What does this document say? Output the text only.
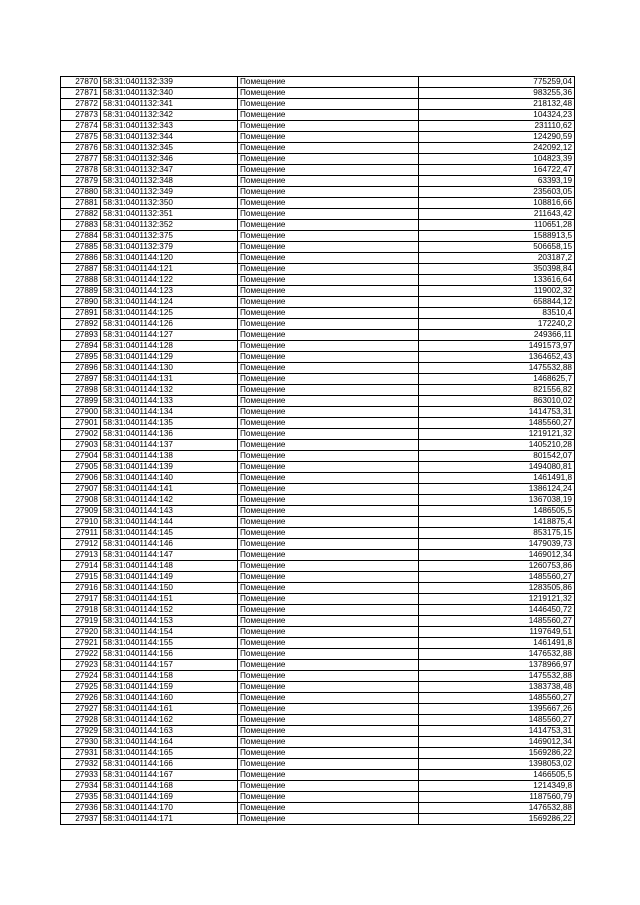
27870	58:31:0401132:339	Помещение	775259,04
27871	58:31:0401132:340	Помещение	983255,36
27872	58:31:0401132:341	Помещение	218132,48
27873	58:31:0401132:342	Помещение	104324,23
27874	58:31:0401132:343	Помещение	231110,62
27875	58:31:0401132:344	Помещение	124290,59
27876	58:31:0401132:345	Помещение	242092,12
27877	58:31:0401132:346	Помещение	104823,39
27878	58:31:0401132:347	Помещение	164722,47
27879	58:31:0401132:348	Помещение	63393,19
27880	58:31:0401132:349	Помещение	235603,05
27881	58:31:0401132:350	Помещение	108816,66
27882	58:31:0401132:351	Помещение	211643,42
27883	58:31:0401132:352	Помещение	110651,28
27884	58:31:0401132:375	Помещение	1588913,5
27885	58:31:0401132:379	Помещение	506658,15
27886	58:31:0401144:120	Помещение	203187,2
27887	58:31:0401144:121	Помещение	350398,84
27888	58:31:0401144:122	Помещение	133616,64
27889	58:31:0401144:123	Помещение	119002,32
27890	58:31:0401144:124	Помещение	658844,12
27891	58:31:0401144:125	Помещение	83510,4
27892	58:31:0401144:126	Помещение	172240,2
27893	58:31:0401144:127	Помещение	249366,11
27894	58:31:0401144:128	Помещение	1491573,97
27895	58:31:0401144:129	Помещение	1364652,43
27896	58:31:0401144:130	Помещение	1475532,88
27897	58:31:0401144:131	Помещение	1468625,7
27898	58:31:0401144:132	Помещение	821556,82
27899	58:31:0401144:133	Помещение	863010,02
27900	58:31:0401144:134	Помещение	1414753,31
27901	58:31:0401144:135	Помещение	1485560,27
27902	58:31:0401144:136	Помещение	1219121,32
27903	58:31:0401144:137	Помещение	1405210,28
27904	58:31:0401144:138	Помещение	801542,07
27905	58:31:0401144:139	Помещение	1494080,81
27906	58:31:0401144:140	Помещение	1461491,8
27907	58:31:0401144:141	Помещение	1386124,24
27908	58:31:0401144:142	Помещение	1367038,19
27909	58:31:0401144:143	Помещение	1486505,5
27910	58:31:0401144:144	Помещение	1418875,4
27911	58:31:0401144:145	Помещение	853175,15
27912	58:31:0401144:146	Помещение	1479039,73
27913	58:31:0401144:147	Помещение	1469012,34
27914	58:31:0401144:148	Помещение	1260753,86
27915	58:31:0401144:149	Помещение	1485560,27
27916	58:31:0401144:150	Помещение	1283505,86
27917	58:31:0401144:151	Помещение	1219121,32
27918	58:31:0401144:152	Помещение	1446450,72
27919	58:31:0401144:153	Помещение	1485560,27
27920	58:31:0401144:154	Помещение	1197649,51
27921	58:31:0401144:155	Помещение	1461491,8
27922	58:31:0401144:156	Помещение	1476532,88
27923	58:31:0401144:157	Помещение	1378966,97
27924	58:31:0401144:158	Помещение	1475532,88
27925	58:31:0401144:159	Помещение	1383738,48
27926	58:31:0401144:160	Помещение	1485560,27
27927	58:31:0401144:161	Помещение	1395667,26
27928	58:31:0401144:162	Помещение	1485560,27
27929	58:31:0401144:163	Помещение	1414753,31
27930	58:31:0401144:164	Помещение	1469012,34
27931	58:31:0401144:165	Помещение	1569286,22
27932	58:31:0401144:166	Помещение	1398053,02
27933	58:31:0401144:167	Помещение	1466505,5
27934	58:31:0401144:168	Помещение	1214349,8
27935	58:31:0401144:169	Помещение	1187560,79
27936	58:31:0401144:170	Помещение	1476532,88
27937	58:31:0401144:171	Помещение	1569286,22
